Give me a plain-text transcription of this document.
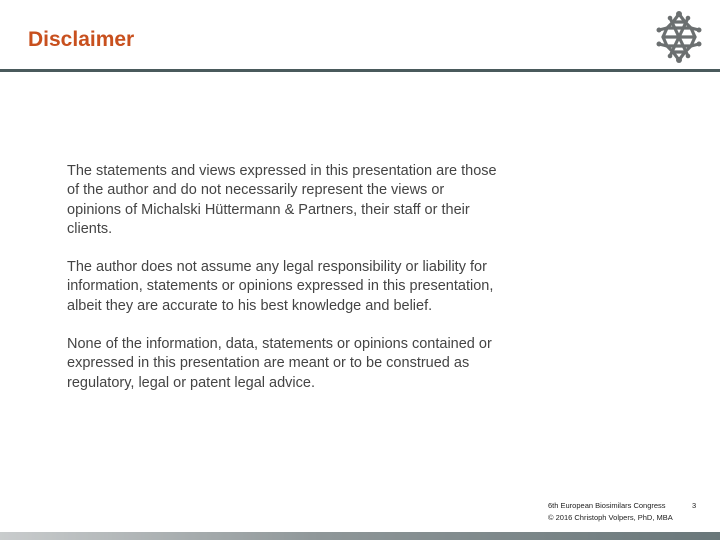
Disclaimer

The statements and views expressed in this presentation are those of the author and do not necessarily represent the views or opinions of Michalski Hüttermann & Partners, their staff or their clients.

The author does not assume any legal responsibility or liability for information, statements or opinions expressed in this presentation, albeit they are accurate to his best knowledge and belief.

None of the information, data, statements or opinions contained or expressed in this presentation are meant or to be construed as regulatory, legal or patent legal advice.

6th European Biosimilars Congress
© 2016 Christoph Volpers, PhD, MBA
3
